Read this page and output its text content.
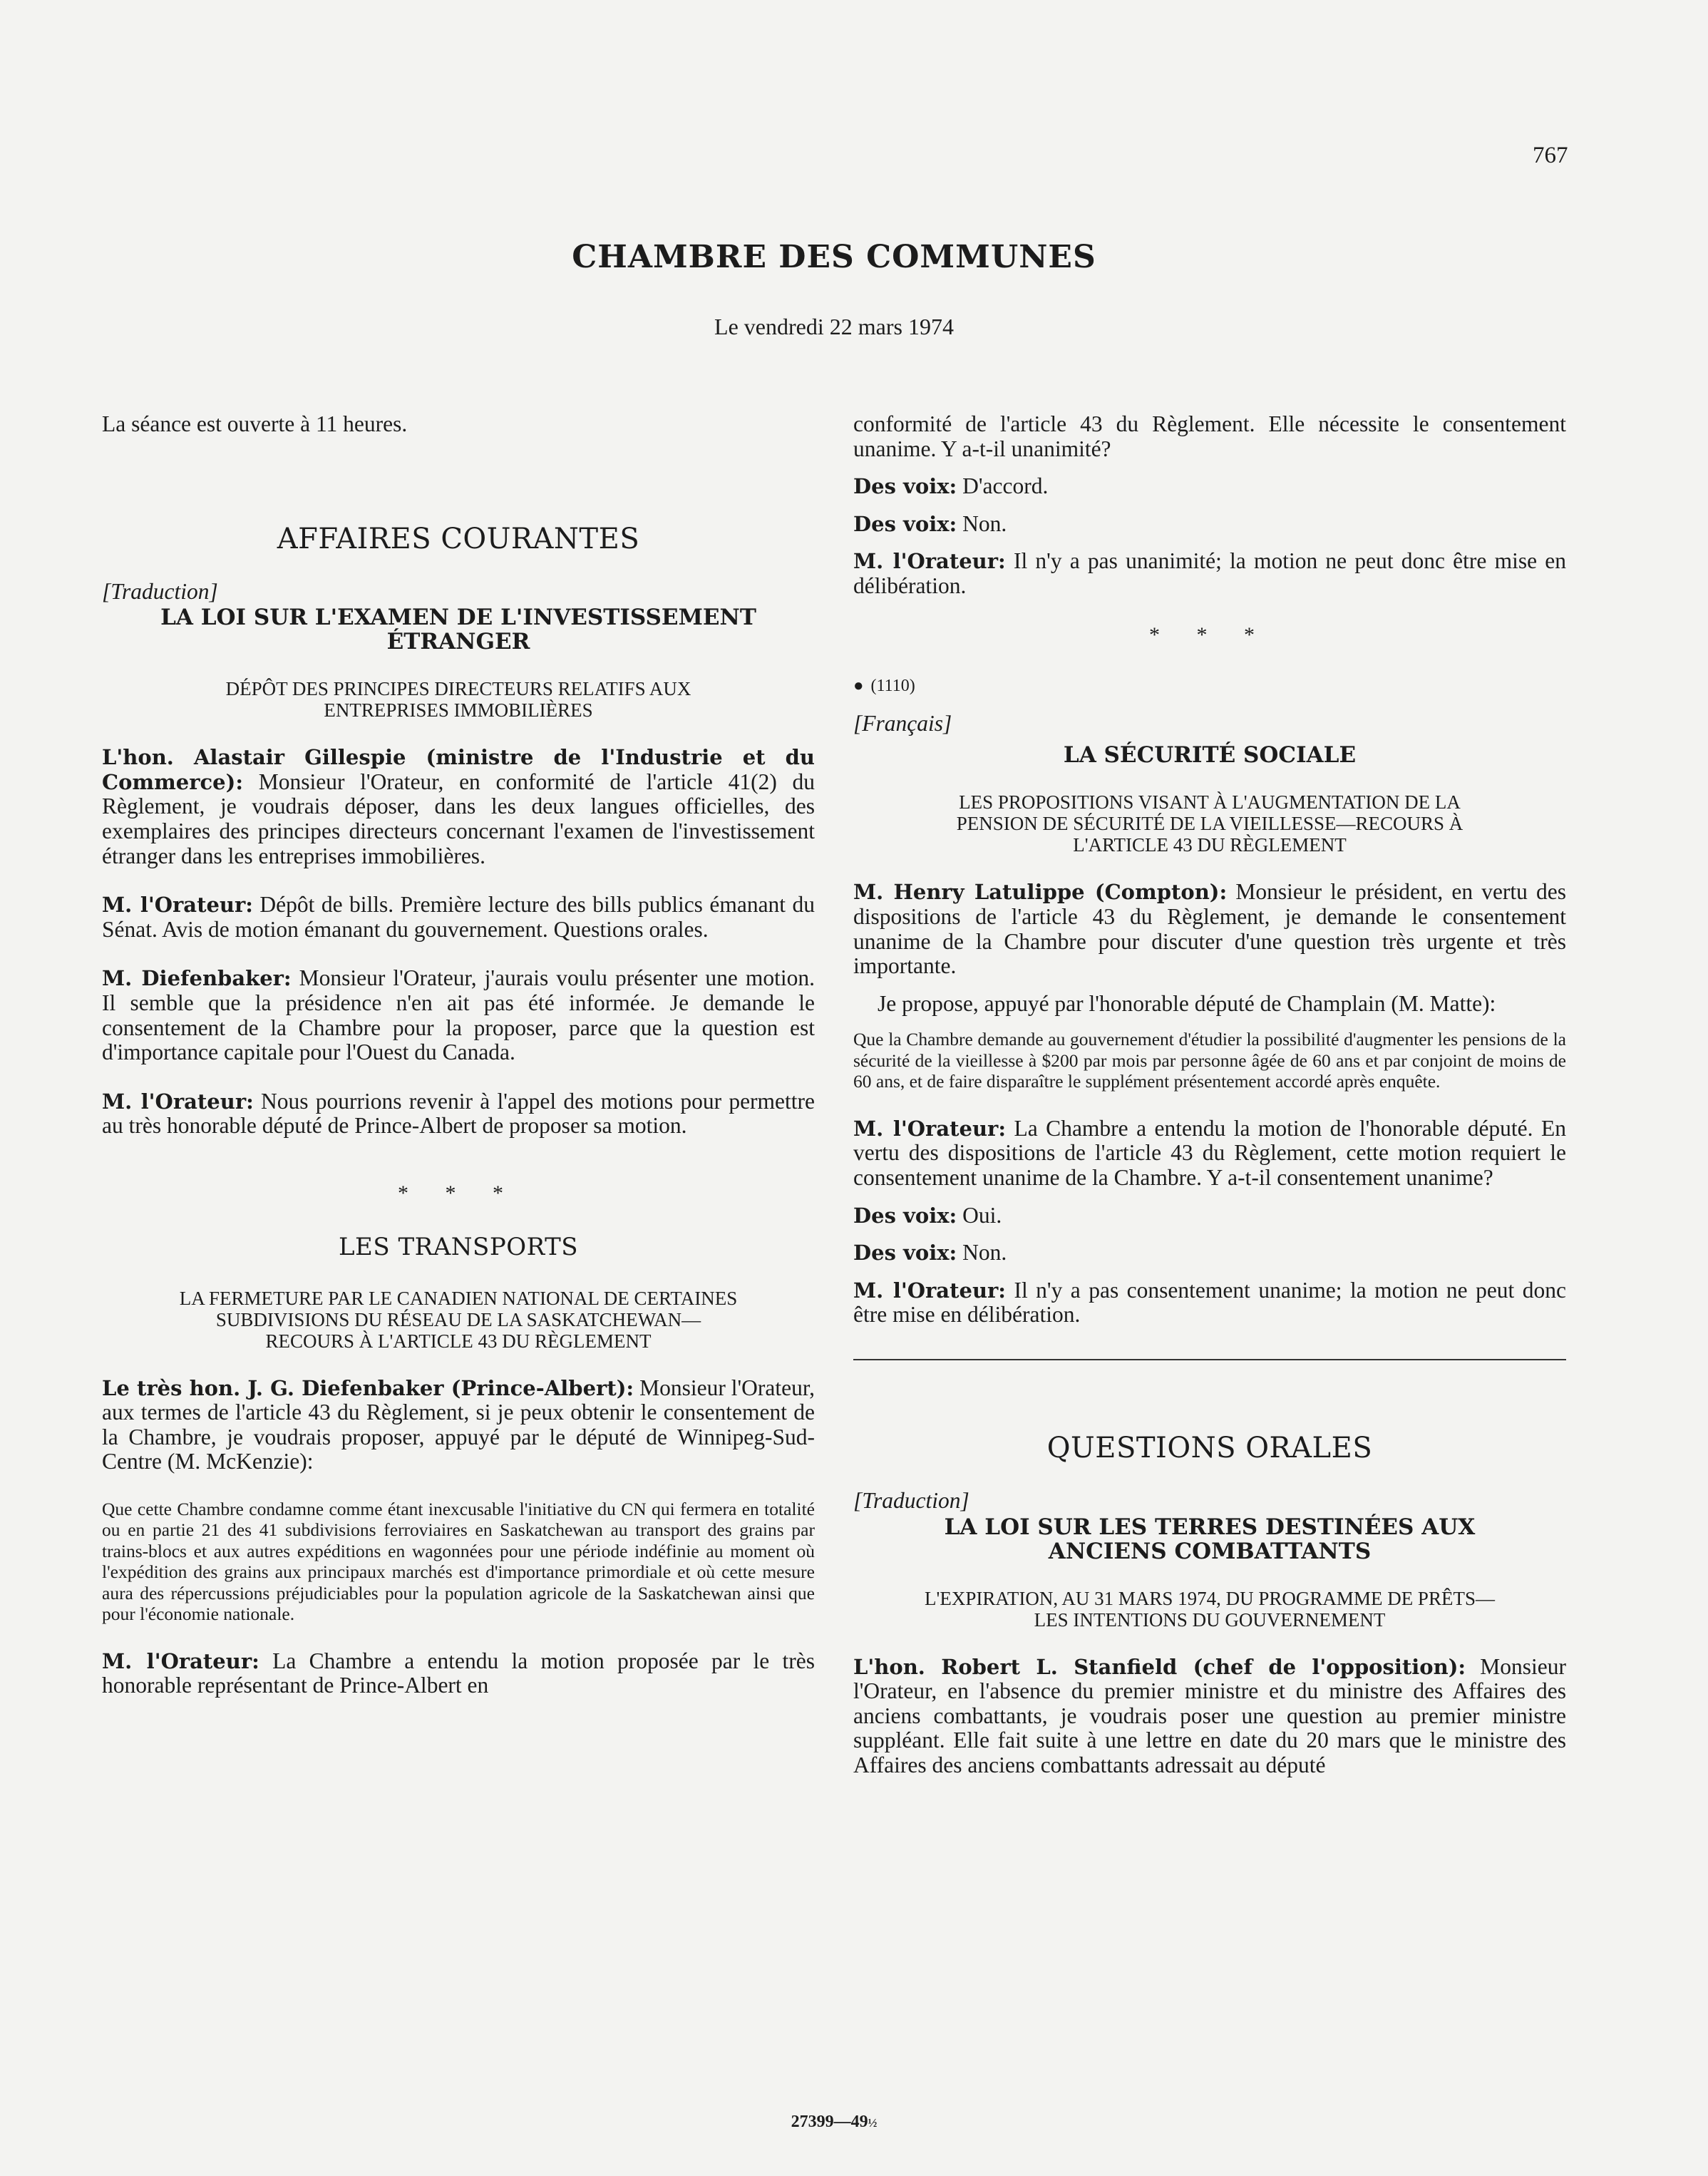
767
CHAMBRE DES COMMUNES
Le vendredi 22 mars 1974

La séance est ouverte à 11 heures.

AFFAIRES COURANTES

[Traduction]

LA LOI SUR L'EXAMEN DE L'INVESTISSEMENT
ÉTRANGER

DÉPÔT DES PRINCIPES DIRECTEURS RELATIFS AUX
ENTREPRISES IMMOBILIÈRES

L'hon. Alastair Gillespie (ministre de l'Industrie et du Commerce): Monsieur l'Orateur, en conformité de l'article 41(2) du Règlement, je voudrais déposer, dans les deux langues officielles, des exemplaires des principes directeurs concernant l'examen de l'investissement étranger dans les entreprises immobilières.

M. l'Orateur: Dépôt de bills. Première lecture des bills publics émanant du Sénat. Avis de motion émanant du gouvernement. Questions orales.

M. Diefenbaker: Monsieur l'Orateur, j'aurais voulu présenter une motion. Il semble que la présidence n'en ait pas été informée. Je demande le consentement de la Chambre pour la proposer, parce que la question est d'importance capitale pour l'Ouest du Canada.

M. l'Orateur: Nous pourrions revenir à l'appel des motions pour permettre au très honorable député de Prince-Albert de proposer sa motion.

* * *

LES TRANSPORTS

LA FERMETURE PAR LE CANADIEN NATIONAL DE CERTAINES
SUBDIVISIONS DU RÉSEAU DE LA SASKATCHEWAN—
RECOURS À L'ARTICLE 43 DU RÈGLEMENT

Le très hon. J. G. Diefenbaker (Prince-Albert): Monsieur l'Orateur, aux termes de l'article 43 du Règlement, si je peux obtenir le consentement de la Chambre, je voudrais proposer, appuyé par le député de Winnipeg-Sud-Centre (M. McKenzie):

Que cette Chambre condamne comme étant inexcusable l'initiative du CN qui fermera en totalité ou en partie 21 des 41 subdivisions ferroviaires en Saskatchewan au transport des grains par trains-blocs et aux autres expéditions en wagonnées pour une période indéfinie au moment où l'expédition des grains aux principaux marchés est d'importance primordiale et où cette mesure aura des répercussions préjudiciables pour la population agricole de la Saskatchewan ainsi que pour l'économie nationale.

M. l'Orateur: La Chambre a entendu la motion proposée par le très honorable représentant de Prince-Albert en

conformité de l'article 43 du Règlement. Elle nécessite le consentement unanime. Y a-t-il unanimité?

Des voix: D'accord.

Des voix: Non.

M. l'Orateur: Il n'y a pas unanimité; la motion ne peut donc être mise en délibération.

* * *

● (1110)

[Français]

LA SÉCURITÉ SOCIALE

LES PROPOSITIONS VISANT À L'AUGMENTATION DE LA
PENSION DE SÉCURITÉ DE LA VIEILLESSE—RECOURS À
L'ARTICLE 43 DU RÈGLEMENT

M. Henry Latulippe (Compton): Monsieur le président, en vertu des dispositions de l'article 43 du Règlement, je demande le consentement unanime de la Chambre pour discuter d'une question très urgente et très importante.

Je propose, appuyé par l'honorable député de Champlain (M. Matte):

Que la Chambre demande au gouvernement d'étudier la possibilité d'augmenter les pensions de la sécurité de la vieillesse à $200 par mois par personne âgée de 60 ans et par conjoint de moins de 60 ans, et de faire disparaître le supplément présentement accordé après enquête.

M. l'Orateur: La Chambre a entendu la motion de l'honorable député. En vertu des dispositions de l'article 43 du Règlement, cette motion requiert le consentement unanime de la Chambre. Y a-t-il consentement unanime?

Des voix: Oui.

Des voix: Non.

M. l'Orateur: Il n'y a pas consentement unanime; la motion ne peut donc être mise en délibération.

QUESTIONS ORALES

[Traduction]

LA LOI SUR LES TERRES DESTINÉES AUX
ANCIENS COMBATTANTS

L'EXPIRATION, AU 31 MARS 1974, DU PROGRAMME DE PRÊTS—
LES INTENTIONS DU GOUVERNEMENT

L'hon. Robert L. Stanfield (chef de l'opposition): Monsieur l'Orateur, en l'absence du premier ministre et du ministre des Affaires des anciens combattants, je voudrais poser une question au premier ministre suppléant. Elle fait suite à une lettre en date du 20 mars que le ministre des Affaires des anciens combattants adressait au député

27399—49½
